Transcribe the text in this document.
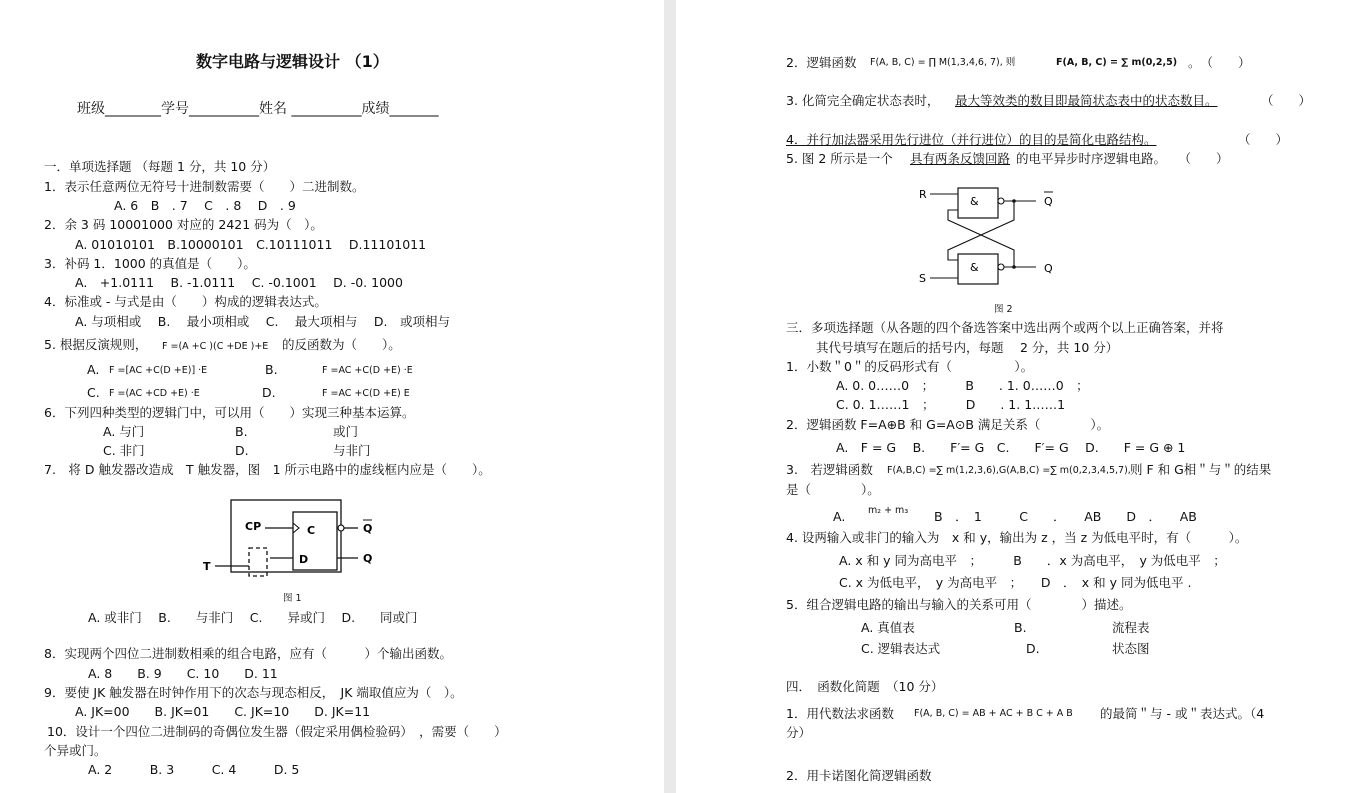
数字电路与逻辑设计 （1）
班级________学号__________姓名 __________成绩_______
一．单项选择题 （每题 1 分，共 10 分）
1．表示任意两位无符号十进制数需要（　　）二进制数。
A. 6　B　. 7　 C　. 8　 D　. 9
2．余 3 码 10001000 对应的 2421 码为（　）。
A. 01010101　B.10000101　C.10111011　 D.11101011
3．补码 1．1000 的真值是（　　）。
A.　+1.0111　 B. -1.0111　 C. -0.1001　 D. -0. 1000
4．标准或 - 与式是由（　　）构成的逻辑表达式。
A. 与项相或　 B.　 最小项相或　 C.　 最大项相与　 D.　或项相与
5. 根据反演规则， F =(A +C )(C +DE )+E 的反函数为（　　）。
A. F =[AC +C(D +E)] ·E	B.	F =AC +C(D +E) ·E
C. F =(AC +CD +E) ·E	D.	F =AC +C(D +E) E
6．下列四种类型的逻辑门中，可以用（　　）实现三种基本运算。
A. 与门	B.	或门
C. 非门	D.	与非门
7.　将 D 触发器改造成　T 触发器，图　1 所示电路中的虚线框内应是（　　）。
CP	C
D
T
Q
Q
图 1
A. 或非门　 B.　　与非门　 C.　　异或门　 D.　　同或门
8．实现两个四位二进制数相乘的组合电路，应有（　　　）个输出函数。
A. 8　　B. 9　　C. 10　　D. 11
9．要使 JK 触发器在时钟作用下的次态与现态相反，　JK 端取值应为（　）。
A. JK=00　　B. JK=01　　C. JK=10　　D. JK=11
10．设计一个四位二进制码的奇偶位发生器（假定采用偶检验码）　，需要（　　）
个异或门。
A. 2　　　B. 3　　　C. 4　　　D. 5
2．逻辑函数 F(A, B, C) = ∏ M(1,3,4,6, 7), 则	F(A, B, C) = ∑ m(0,2,5) 。　（　　）
3. 化简完全确定状态表时， 最大等效类的数目即最简状态表中的状态数目。	（　　）
4．并行加法器采用先行进位（并行进位）的目的是简化电路结构。	（　　）
5. 图 2 所示是一个 具有两条反馈回路 的电平异步时序逻辑电路。　　（　　）
R
S
&
&
Q
Q
图 2
三．多项选择题（从各题的四个备选答案中选出两个或两个以上正确答案，并将
其代号填写在题后的括号内，每题　 2 分，共 10 分）
1．小数＂0＂的反码形式有（　　　　　）。
A. 0. 0……0　；　　　B　　. 1. 0……0　；
C. 0. 1……1　；　　　D　　. 1. 1……1
2．逻辑函数 F=A⊕B 和 G=A⊙B 满足关系（　　　　）。
A.　F = G　 B.　　F′= G　C.　　F′= G　 D.　　F = G ⊕ 1
3.　若逻辑函数 F(A,B,C) =∑ m(1,2,3,6),G(A,B,C) =∑ m(0,2,3,4,5,7), 则 F 和 G相＂与＂的结果
是（　　　　）。
A. m₂ + m₃ B　．　1　　　C　　．　　AB　　D　．　　AB
4. 设两输入或非门的输入为　x 和 y，输出为 z ，当 z 为低电平时，有（　　　）。
A. x 和 y 同为高电平　；　　　B　　．x 为高电平，　y 为低电平　；
C. x 为低电平，　y 为高电平　；　　D　．　x 和 y 同为低电平 .
5．组合逻辑电路的输出与输入的关系可用（　　　　）描述。
A. 真值表	B.	流程表
C. 逻辑表达式	D.	状态图
四．　函数化简题　（10 分）
1．用代数法求函数 F(A, B, C) = AB + AC + B C + A B 的最简＂与 - 或＂表达式。（4
分）
2．用卡诺图化简逻辑函数
